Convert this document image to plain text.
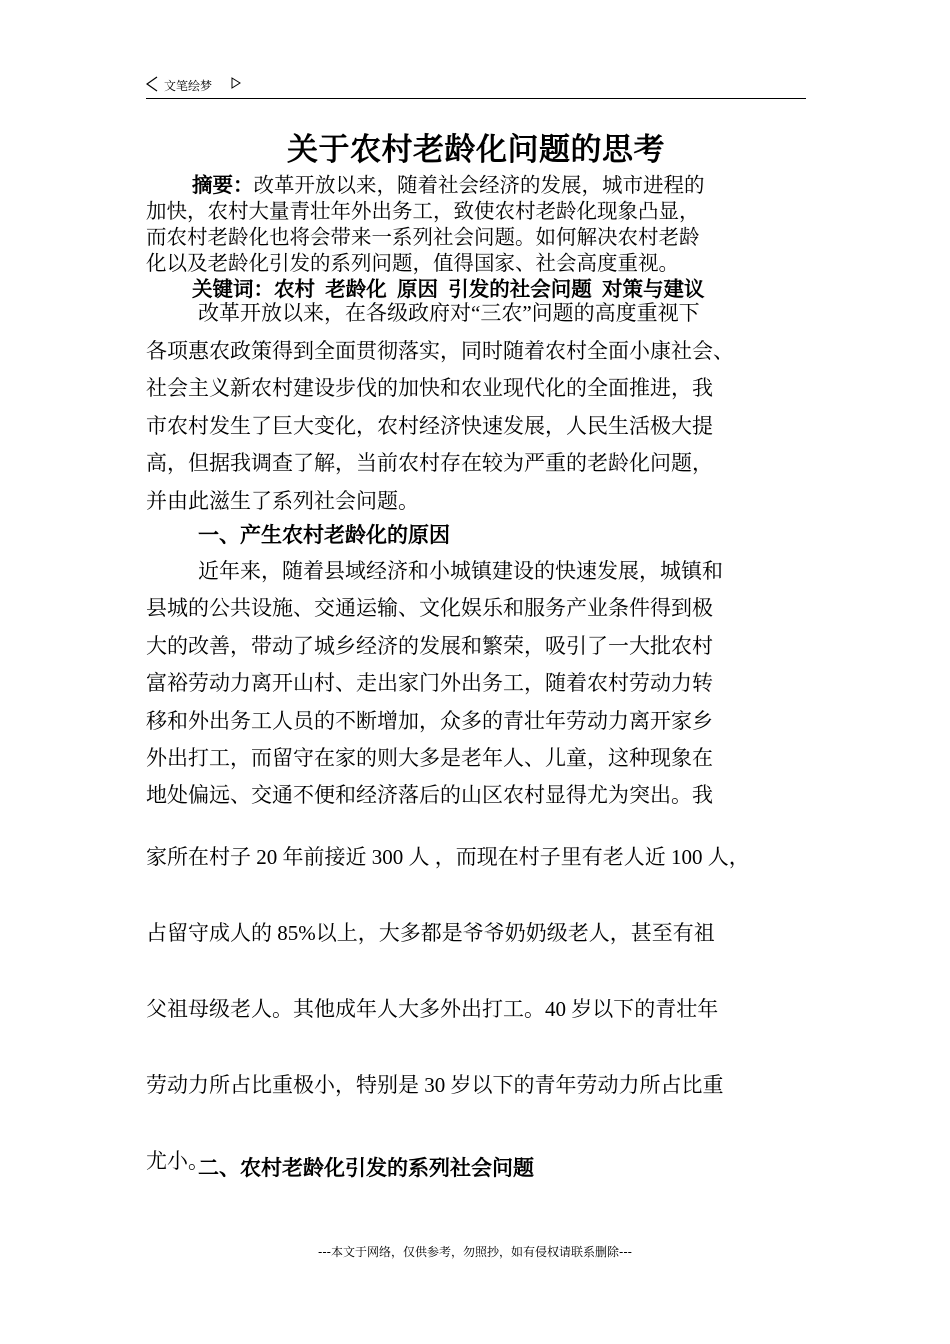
文笔绘梦
关于农村老龄化问题的思考
摘要：改革开放以来，随着社会经济的发展，城市进程的
加快，农村大量青壮年外出务工，致使农村老龄化现象凸显，
而农村老龄化也将会带来一系列社会问题。如何解决农村老龄
化以及老龄化引发的系列问题，值得国家、社会高度重视。
关键词：农村  老龄化  原因  引发的社会问题  对策与建议
改革开放以来，在各级政府对“三农”问题的高度重视下
各项惠农政策得到全面贯彻落实，同时随着农村全面小康社会、
社会主义新农村建设步伐的加快和农业现代化的全面推进，我
市农村发生了巨大变化，农村经济快速发展，人民生活极大提
高，但据我调查了解，当前农村存在较为严重的老龄化问题，
并由此滋生了系列社会问题。
一、产生农村老龄化的原因
近年来，随着县域经济和小城镇建设的快速发展，城镇和
县城的公共设施、交通运输、文化娱乐和服务产业条件得到极
大的改善，带动了城乡经济的发展和繁荣，吸引了一大批农村
富裕劳动力离开山村、走出家门外出务工，随着农村劳动力转
移和外出务工人员的不断增加，众多的青壮年劳动力离开家乡
外出打工，而留守在家的则大多是老年人、儿童，这种现象在
地处偏远、交通不便和经济落后的山区农村显得尤为突出。我
家所在村子 20 年前接近 300 人 ，而现在村子里有老人近 100 人，
占留守成人的 85%以上，大多都是爷爷奶奶级老人，甚至有祖
父祖母级老人。其他成年人大多外出打工。40 岁以下的青壮年
劳动力所占比重极小，特别是 30 岁以下的青年劳动力所占比重
尤小。
二、农村老龄化引发的系列社会问题
---本文于网络，仅供参考，勿照抄，如有侵权请联系删除---
